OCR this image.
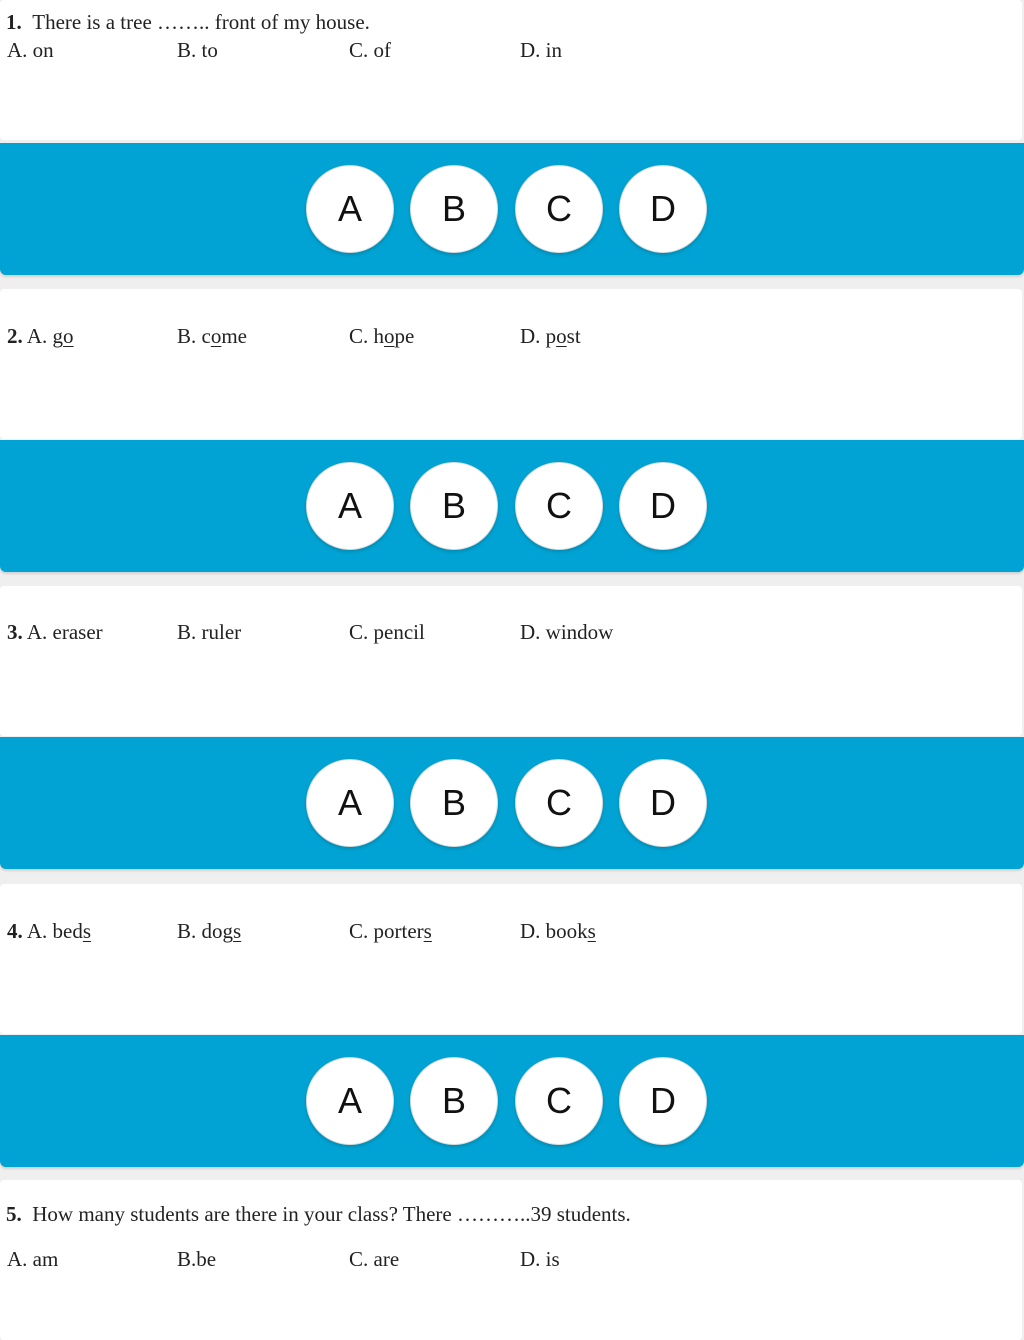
1. There is a tree …….. front of my house.
A. on	B. to	C. of	D. in
A	B	C	D
2. A. go	B. come	C. hope	D. post
A	B	C	D
3. A. eraser	B. ruler	C. pencil	D. window
A	B	C	D
4. A. beds	B. dogs	C. porters	D. books
A	B	C	D
5. How many students are there in your class? There ………..39 students.
A. am	B.be	C. are	D. is
